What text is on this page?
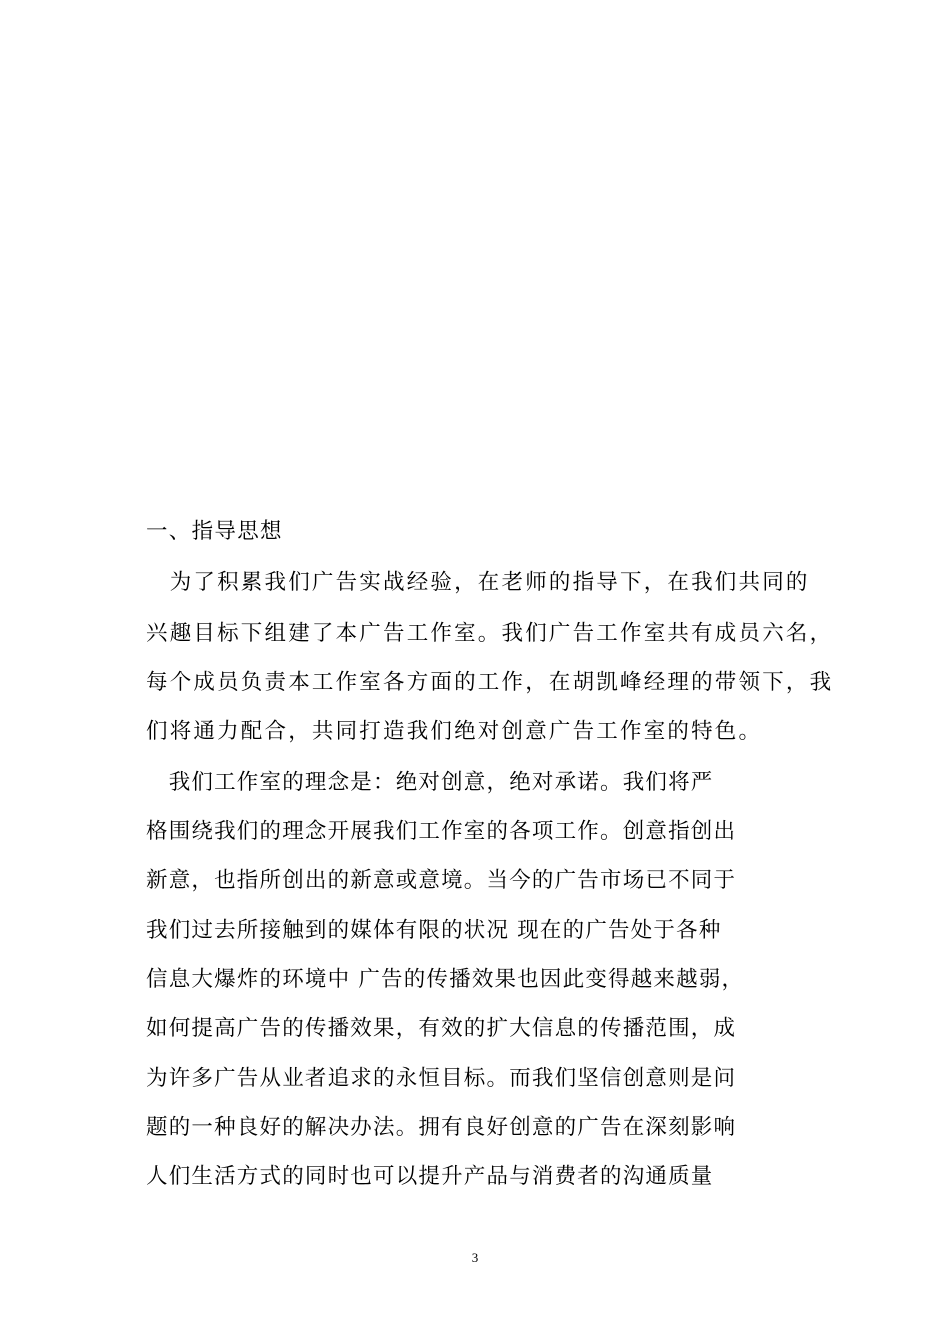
一、指导思想
　为了积累我们广告实战经验，在老师的指导下，在我们共同的
兴趣目标下组建了本广告工作室。我们广告工作室共有成员六名，
每个成员负责本工作室各方面的工作，在胡凯峰经理的带领下，我
们将通力配合，共同打造我们绝对创意广告工作室的特色。
　我们工作室的理念是：绝对创意，绝对承诺。我们将严
格围绕我们的理念开展我们工作室的各项工作。创意指创出
新意，也指所创出的新意或意境。当今的广告市场已不同于
我们过去所接触到的媒体有限的状况 现在的广告处于各种
信息大爆炸的环境中 广告的传播效果也因此变得越来越弱，
如何提高广告的传播效果，有效的扩大信息的传播范围，成
为许多广告从业者追求的永恒目标。而我们坚信创意则是问
题的一种良好的解决办法。拥有良好创意的广告在深刻影响
人们生活方式的同时也可以提升产品与消费者的沟通质量
3
